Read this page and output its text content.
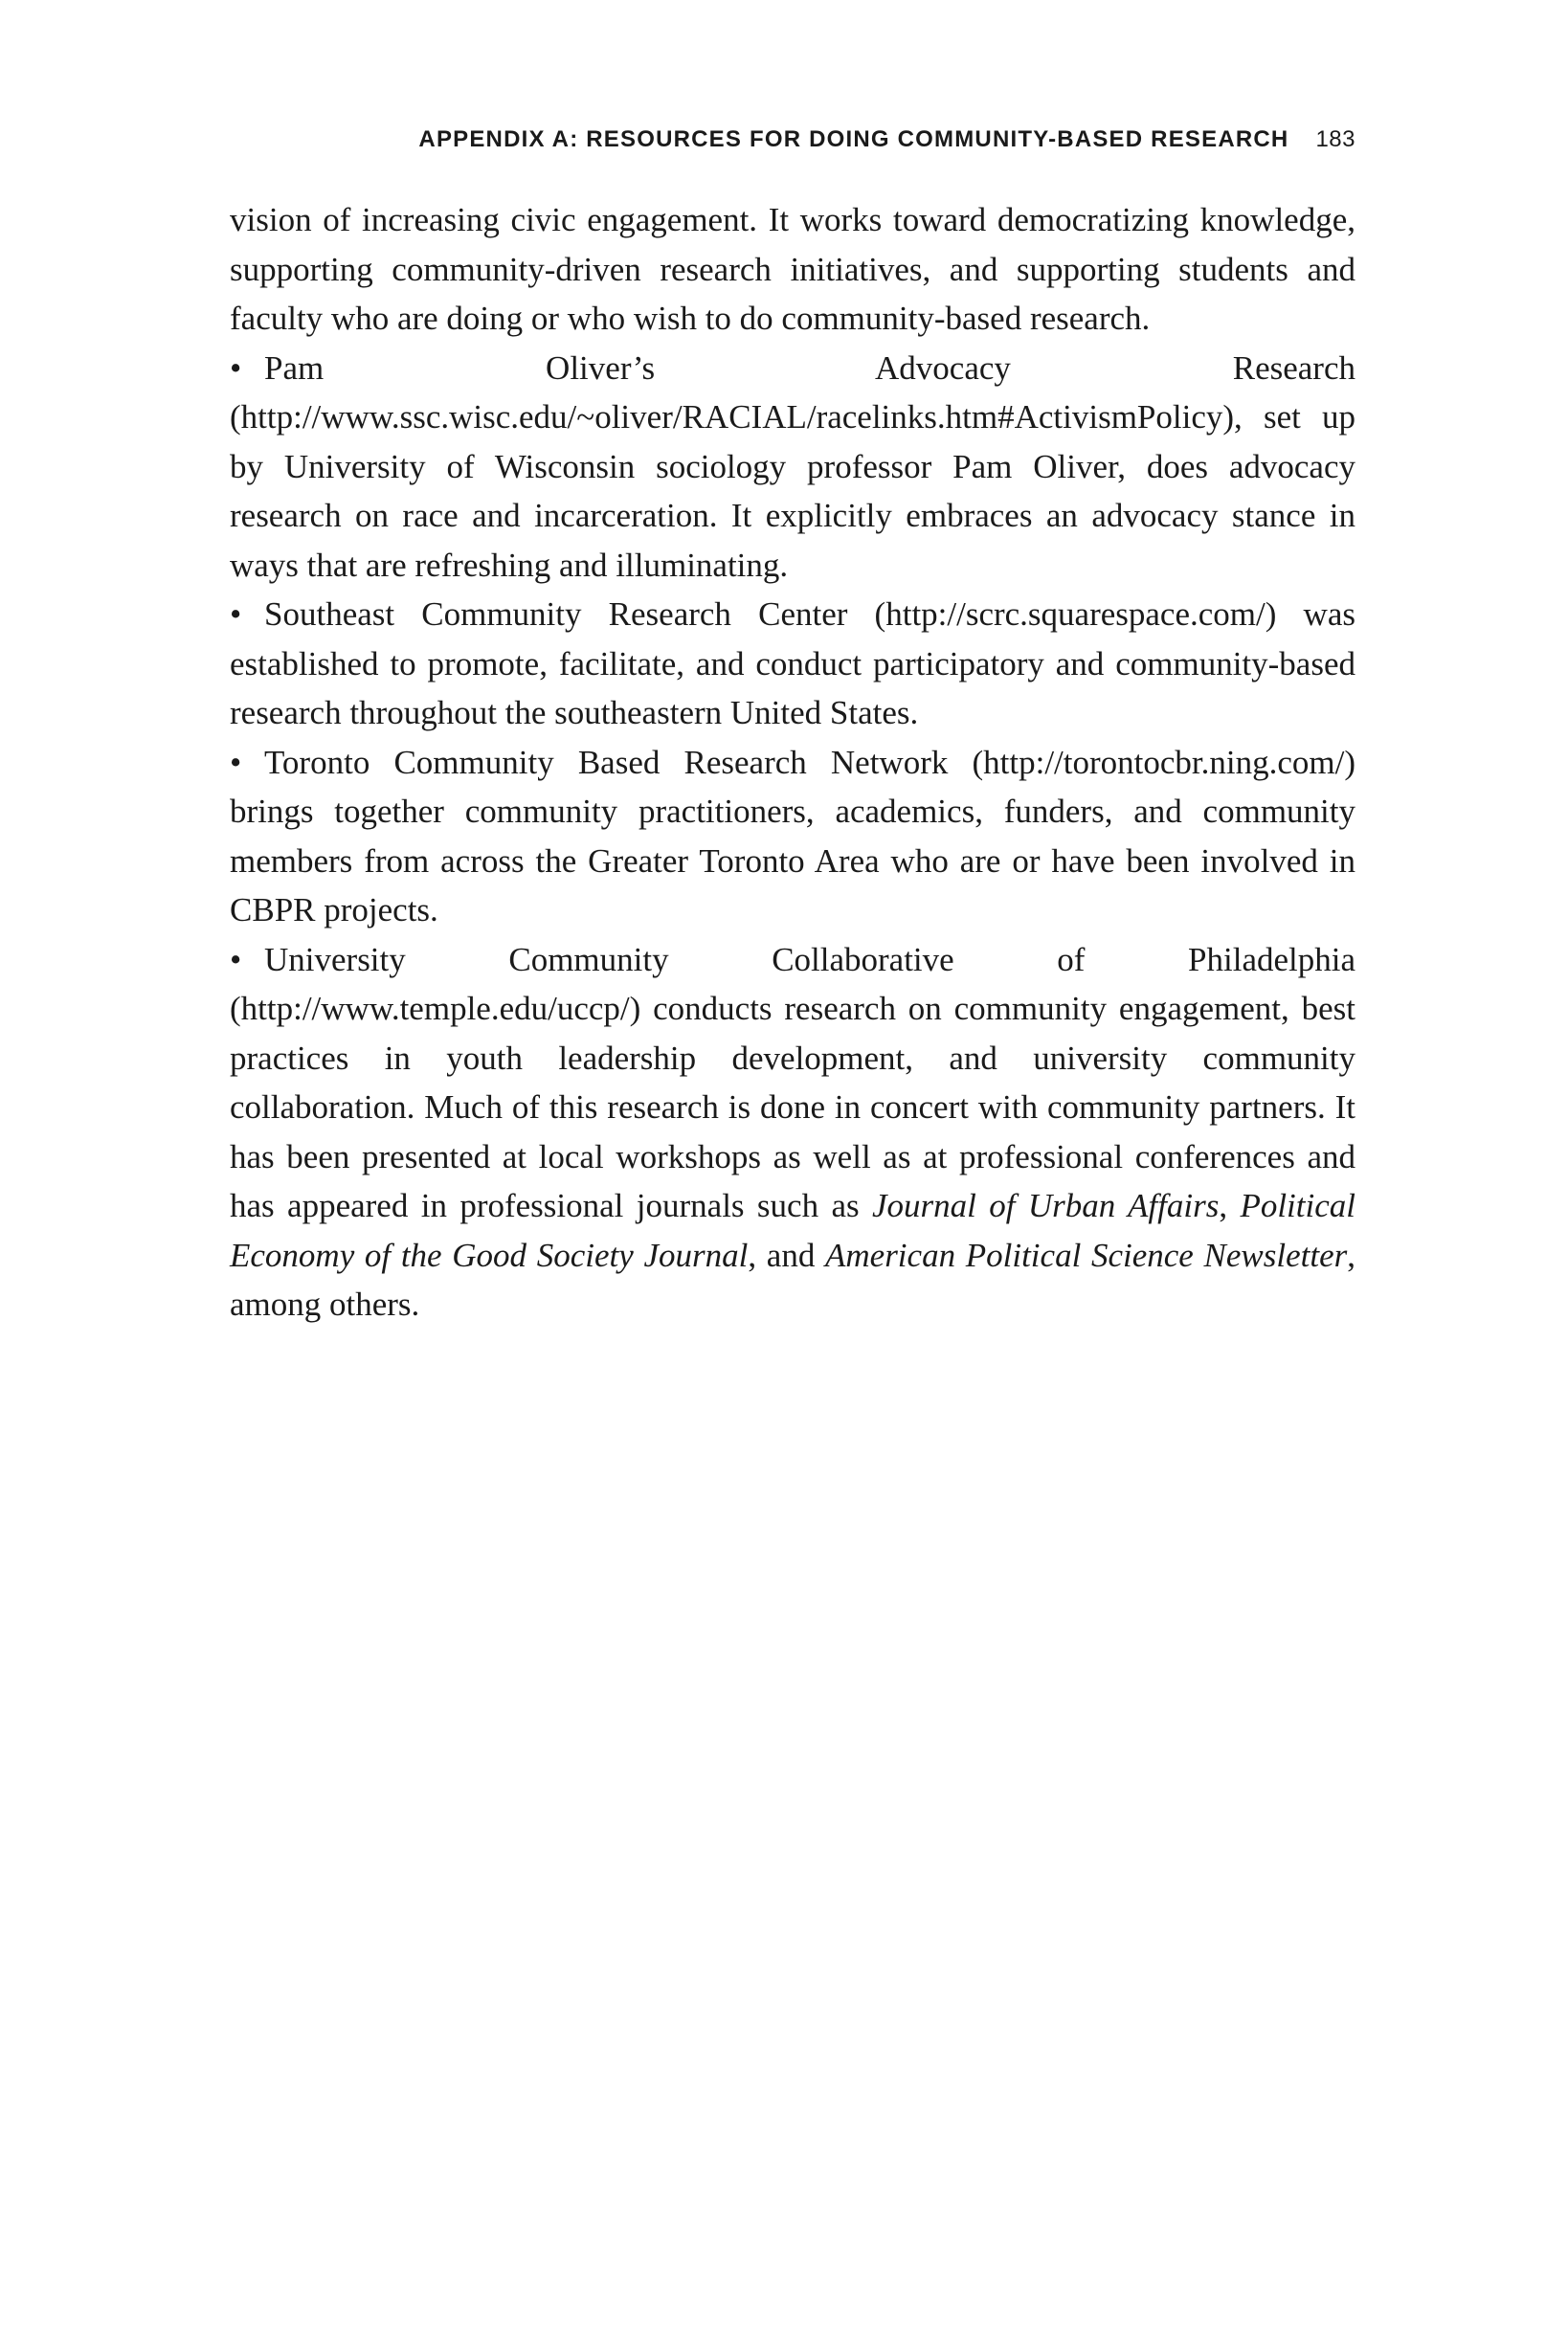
APPENDIX A: RESOURCES FOR DOING COMMUNITY-BASED RESEARCH 183

vision of increasing civic engagement. It works toward democratizing knowledge, supporting community-driven research initiatives, and supporting students and faculty who are doing or who wish to do community-based research.

• Pam Oliver’s Advocacy Research (http://www.ssc.wisc.edu/~oliver/RACIAL/racelinks.htm#ActivismPolicy), set up by University of Wisconsin sociology professor Pam Oliver, does advocacy research on race and incarceration. It explicitly embraces an advocacy stance in ways that are refreshing and illuminating.

• Southeast Community Research Center (http://scrc.squarespace.com/) was established to promote, facilitate, and conduct participatory and community-based research throughout the southeastern United States.

• Toronto Community Based Research Network (http://torontocbr.ning.com/) brings together community practitioners, academics, funders, and community members from across the Greater Toronto Area who are or have been involved in CBPR projects.

• University Community Collaborative of Philadelphia (http://www.temple.edu/uccp/) conducts research on community engagement, best practices in youth leadership development, and university community collaboration. Much of this research is done in concert with community partners. It has been presented at local workshops as well as at professional conferences and has appeared in professional journals such as Journal of Urban Affairs, Political Economy of the Good Society Journal, and American Political Science Newsletter, among others.
